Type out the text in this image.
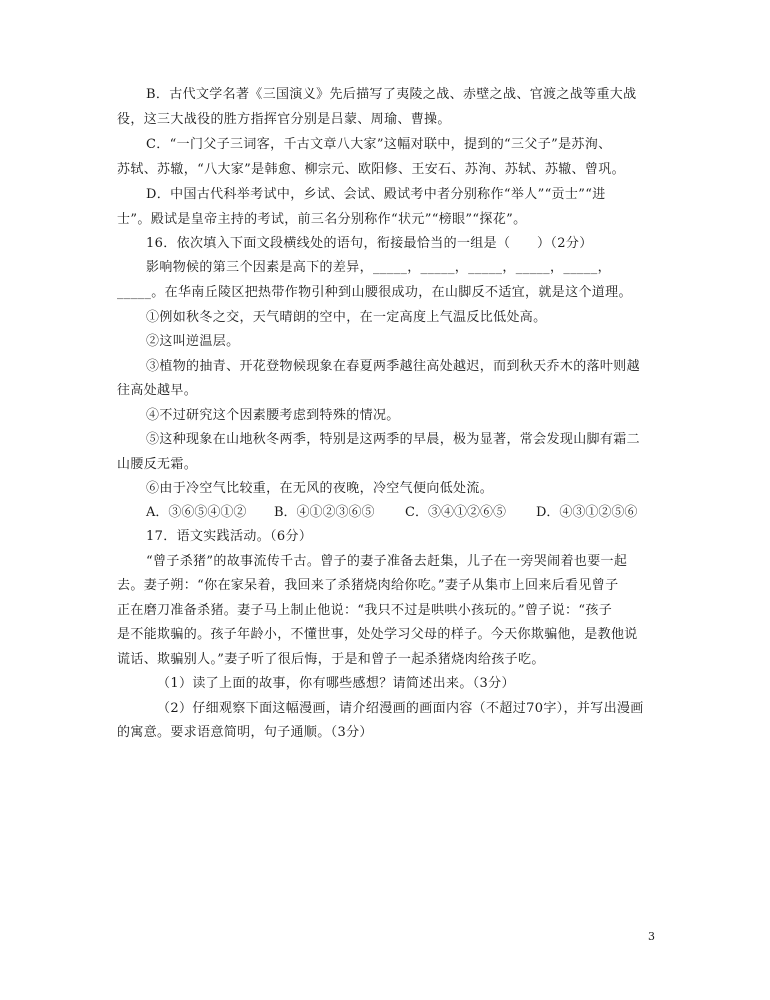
B．古代文学名著《三国演义》先后描写了夷陵之战、赤壁之战、官渡之战等重大战
役，这三大战役的胜方指挥官分别是吕蒙、周瑜、曹操。
C．“一门父子三词客，千古文章八大家”这幅对联中，提到的“三父子”是苏洵、
苏轼、苏辙，“八大家”是韩愈、柳宗元、欧阳修、王安石、苏洵、苏轼、苏辙、曾巩。
D．中国古代科举考试中，乡试、会试、殿试考中者分别称作“举人”“贡士”“进
士”。殿试是皇帝主持的考试，前三名分别称作“状元”“榜眼”“探花”。
16．依次填入下面文段横线处的语句，衔接最恰当的一组是（　　）（2分）
影响物候的第三个因素是高下的差异，_____，_____，_____，_____，_____，
_____。在华南丘陵区把热带作物引种到山腰很成功，在山脚反不适宜，就是这个道理。
①例如秋冬之交，天气晴朗的空中，在一定高度上气温反比低处高。
②这叫逆温层。
③植物的抽青、开花登物候现象在春夏两季越往高处越迟，而到秋天乔木的落叶则越
往高处越早。
④不过研究这个因素腰考虑到特殊的情况。
⑤这种现象在山地秋冬两季，特别是这两季的早晨，极为显著，常会发现山脚有霜二
山腰反无霜。
⑥由于冷空气比较重，在无风的夜晚，冷空气便向低处流。
A．③⑥⑤④①② B．④①②③⑥⑤ C．③④①②⑥⑤ D．④③①②⑤⑥
17．语文实践活动。（6分）
“曾子杀猪”的故事流传千古。曾子的妻子准备去赶集，儿子在一旁哭闹着也要一起
去。妻子朔：“你在家呆着，我回来了杀猪烧肉给你吃。”妻子从集市上回来后看见曾子
正在磨刀准备杀猪。妻子马上制止他说：“我只不过是哄哄小孩玩的。”曾子说：“孩子
是不能欺骗的。孩子年龄小，不懂世事，处处学习父母的样子。今天你欺骗他，是教他说
谎话、欺骗别人。”妻子听了很后悔，于是和曾子一起杀猪烧肉给孩子吃。
（1）读了上面的故事，你有哪些感想？请简述出来。（3分）
（2）仔细观察下面这幅漫画，请介绍漫画的画面内容（不超过70字），并写出漫画
的寓意。要求语意简明，句子通顺。（3分）
3
